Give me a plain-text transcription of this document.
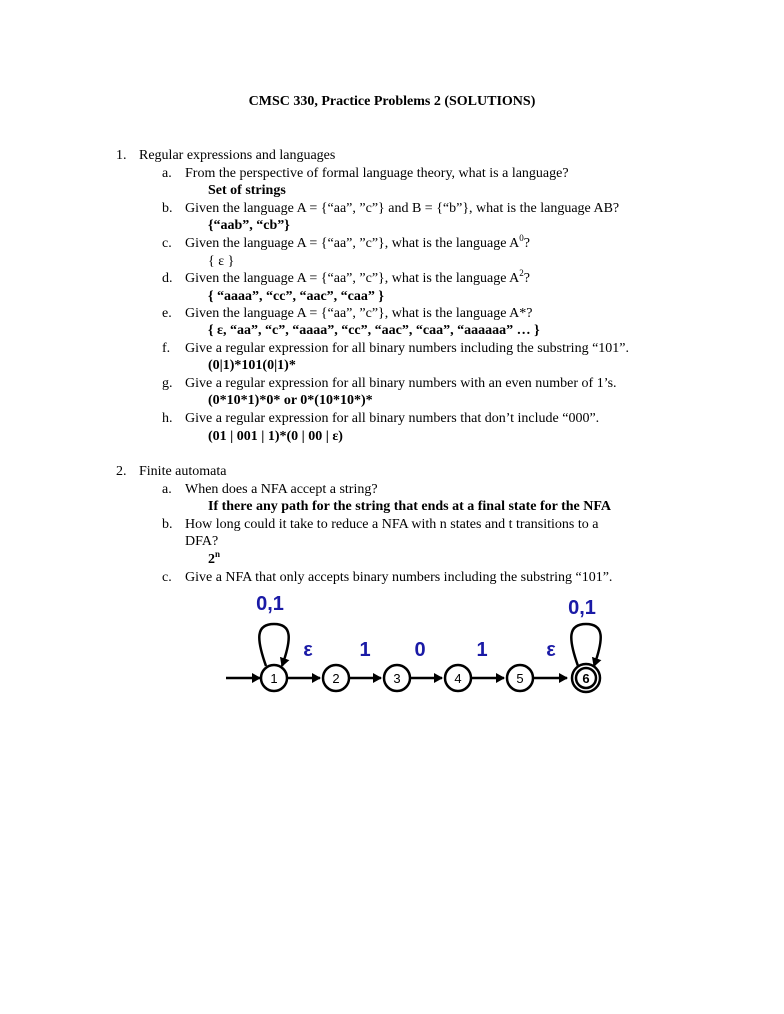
CMSC 330, Practice Problems 2 (SOLUTIONS)
1. Regular expressions and languages
a. From the perspective of formal language theory, what is a language?
Set of strings
b. Given the language A = {“aa”, ”c”} and B = {“b”}, what is the language AB?
{“aab”, “cb”}
c. Given the language A = {“aa”, ”c”}, what is the language $A^0$?
{ ε }
d. Given the language A = {“aa”, ”c”}, what is the language $A^2$?
{ “aaaa”, “cc”, “aac”, “caa” }
e. Given the language A = {“aa”, ”c”}, what is the language A*?
{ ε, “aa”, “c”, “aaaa”, “cc”, “aac”, “caa”, “aaaaaa” … }
f. Give a regular expression for all binary numbers including the substring “101”.
(0|1)*101(0|1)*
g. Give a regular expression for all binary numbers with an even number of 1’s.
(0*10*1)*0* or 0*(10*10*)*
h. Give a regular expression for all binary numbers that don’t include “000”.
(01 | 001 | 1)*(0 | 00 | ε)
2. Finite automata
a. When does a NFA accept a string?
If there any path for the string that ends at a final state for the NFA
b. How long could it take to reduce a NFA with n states and t transitions to a
DFA?
2$^n$
c. Give a NFA that only accepts binary numbers including the substring “101”.
1	2	3	4	5	6
ε 1 0	1	ε
0,1	0,1
